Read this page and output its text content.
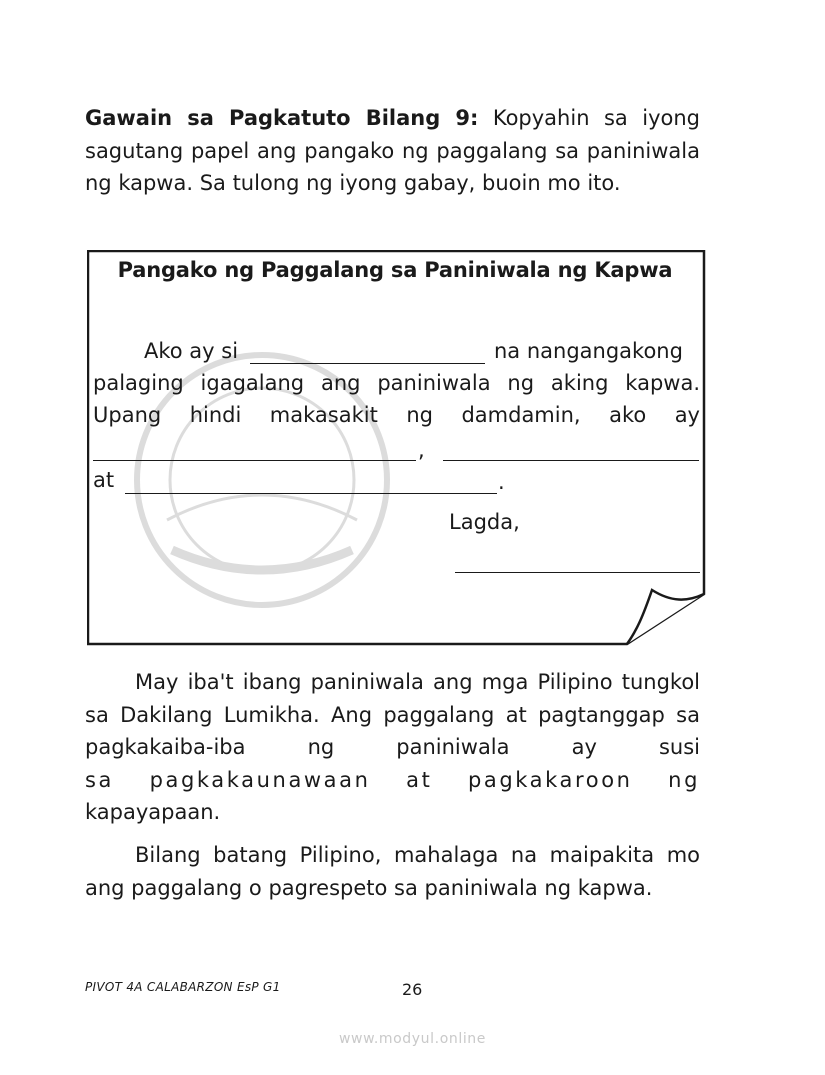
Gawain sa Pagkatuto Bilang 9: Kopyahin sa iyong sagutang papel ang pangako ng paggalang sa paniniwala ng kapwa. Sa tulong ng iyong gabay, buoin mo ito.

Pangako ng Paggalang sa Paniniwala ng Kapwa
Ako ay si	na nangangakong
palaging igagalang ang paniniwala ng aking kapwa.
Upang hindi makasakit ng damdamin, ako ay
,
at	.
Lagda,
May iba't ibang paniniwala ang mga Pilipino tungkol sa Dakilang Lumikha. Ang paggalang at pagtanggap sa pagkakaiba-iba ng paniniwala ay susi
sa pagkakaunawaan at pagkakaroon ng
kapayapaan.
Bilang batang Pilipino, mahalaga na maipakita mo ang paggalang o pagrespeto sa paniniwala ng kapwa.
PIVOT 4A CALABARZON EsP G1	26
www.modyul.online
